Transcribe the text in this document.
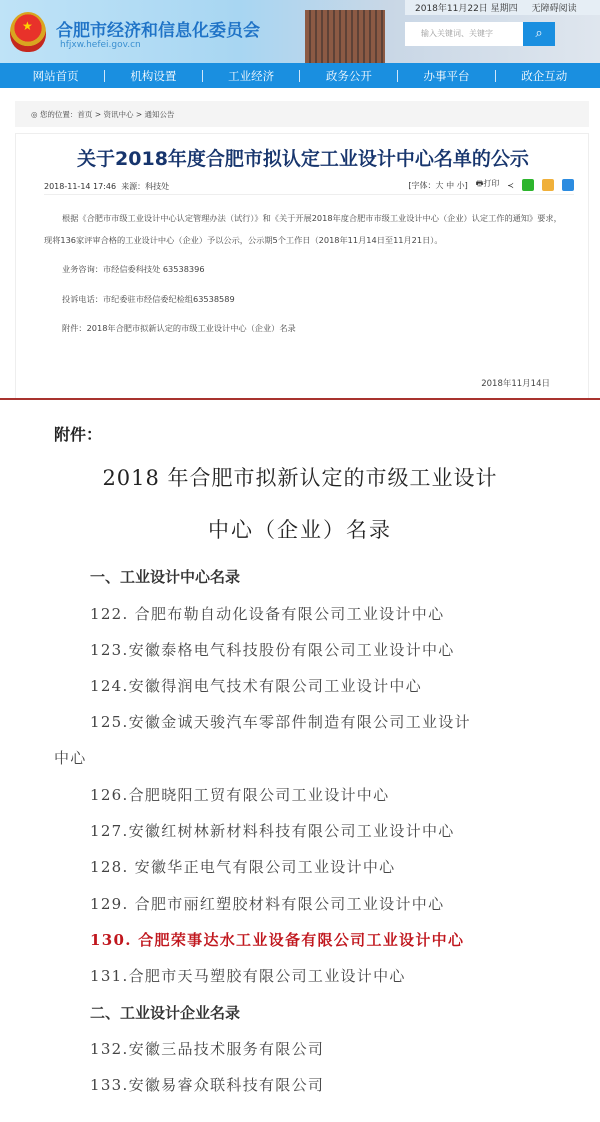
★ 合肥市经济和信息化委员会
hfjxw.hefei.gov.cn
2018年11月22日 星期四 无障碍阅读
输入关键词、关键字	⌕
网站首页	机构设置	工业经济	政务公开	办事平台	政企互动
◎ 您的位置：首页 > 资讯中心 > 通知公告
关于2018年度合肥市拟认定工业设计中心名单的公示
2018-11-14 17:46 来源：科技处	[字体：大 中 小] 🖶打印 ≺

根据《合肥市市级工业设计中心认定管理办法（试行）》和《关于开展2018年度合肥市市级工业设计中心（企业）认定工作的通知》要求，现将136家评审合格的工业设计中心（企业）予以公示，公示期5个工作日（2018年11月14日至11月21日）。

业务咨询：市经信委科技处 63538396

投诉电话：市纪委驻市经信委纪检组63538589

附件：2018年合肥市拟新认定的市级工业设计中心（企业）名录

2018年11月14日
附件：
2018 年合肥市拟新认定的市级工业设计
中心（企业）名录
一、工业设计中心名录
122. 合肥布勒自动化设备有限公司工业设计中心
123.安徽泰格电气科技股份有限公司工业设计中心
124.安徽得润电气技术有限公司工业设计中心
125.安徽金诚天骏汽车零部件制造有限公司工业设计
中心
126.合肥晓阳工贸有限公司工业设计中心
127.安徽红树林新材料科技有限公司工业设计中心
128. 安徽华正电气有限公司工业设计中心
129. 合肥市丽红塑胶材料有限公司工业设计中心
130. 合肥荣事达水工业设备有限公司工业设计中心
131.合肥市天马塑胶有限公司工业设计中心
二、工业设计企业名录
132.安徽三品技术服务有限公司
133.安徽易睿众联科技有限公司
